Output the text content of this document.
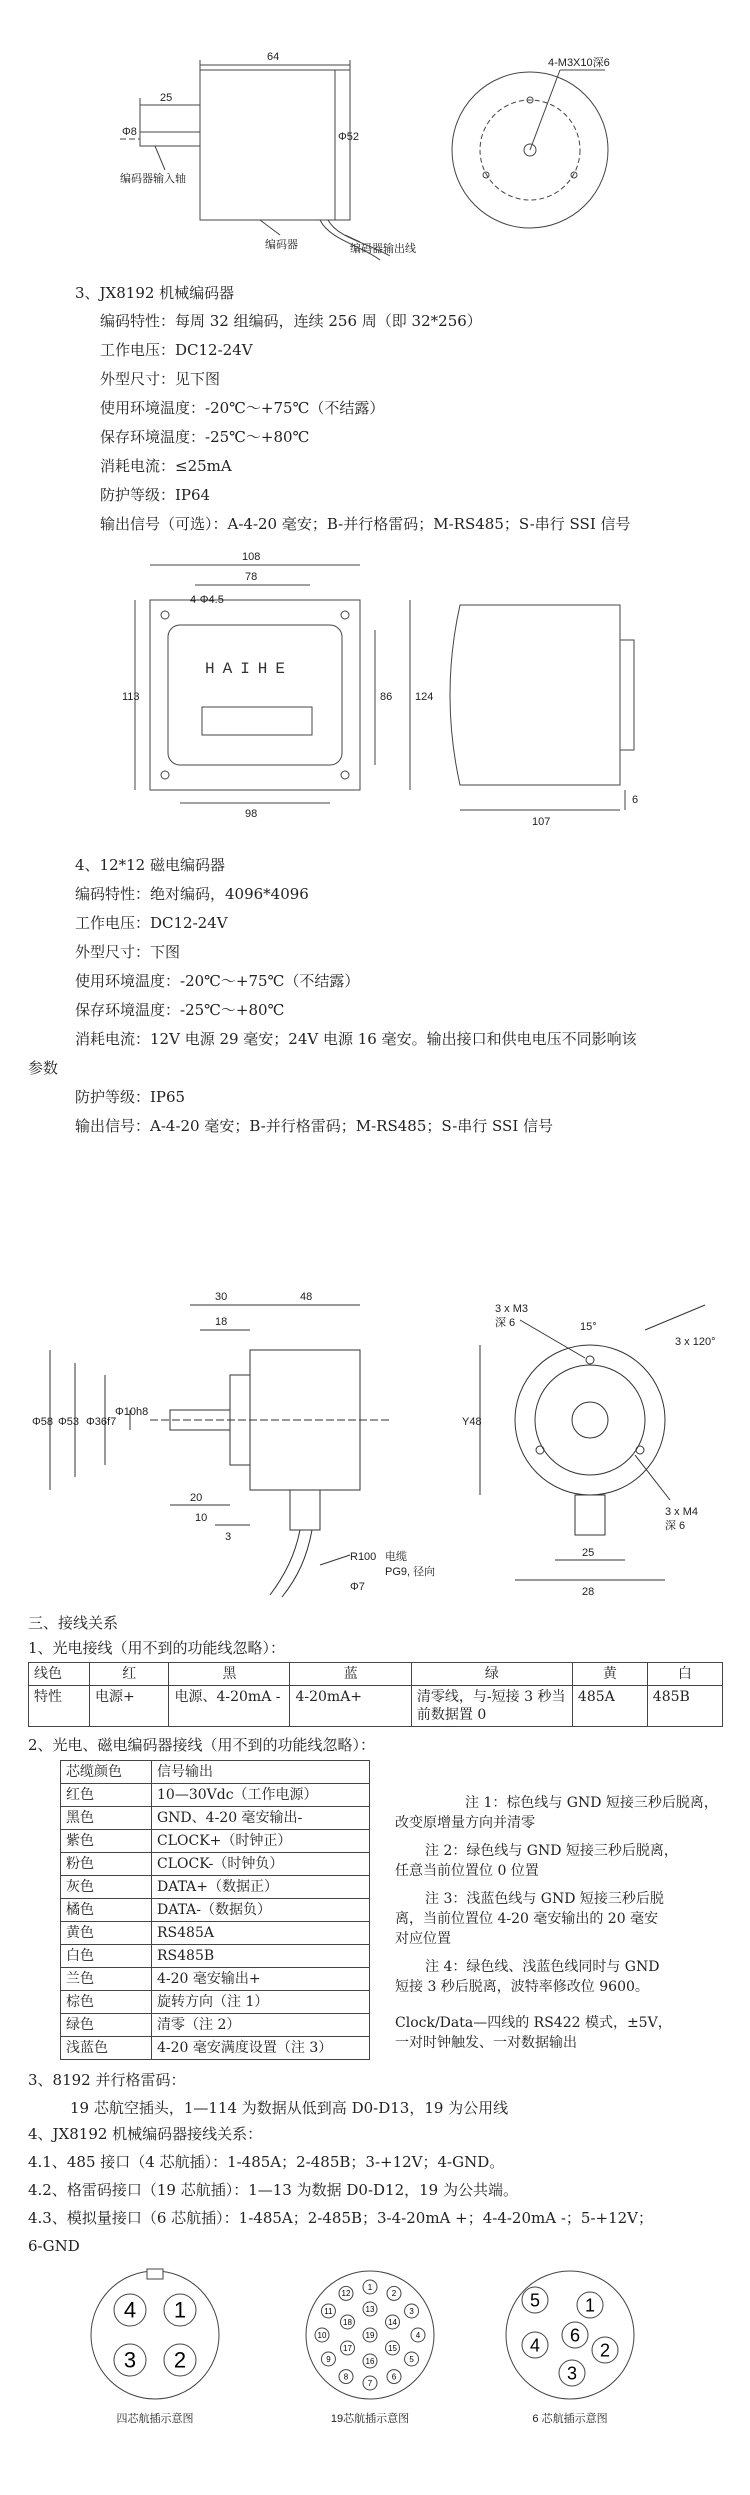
64
25
Φ8	Φ52
4-M3X10深6
编码器输入轴
编码器	编码器输出线
3、JX8192 机械编码器
编码特性：每周 32 组编码，连续 256 周（即 32*256）
工作电压：DC12-24V
外型尺寸：见下图
使用环境温度：-20℃～+75℃（不结露）
保存环境温度：-25℃～+80℃
消耗电流：≤25mA
防护等级：IP64
输出信号（可选）：A-4-20 毫安；B-并行格雷码；M-RS485；S-串行 SSI 信号
108
78
4-Φ4.5
113	86 124
98
107
6
HAIHE
4、12*12 磁电编码器
编码特性：绝对编码，4096*4096
工作电压：DC12-24V
外型尺寸：下图
使用环境温度：-20℃～+75℃（不结露）
保存环境温度：-25℃～+80℃
消耗电流：12V 电源 29 毫安；24V 电源 16 毫安。输出接口和供电电压不同影响该
参数
防护等级：IP65
输出信号：A-4-20 毫安；B-并行格雷码；M-RS485；S-串行 SSI 信号
30	48
18
Φ58 Φ53 Φ36f7
Φ10h8
20
10
3
R100
Φ7
电缆
PG9, 径向
3 x M3
深 6	15°
3 x 120°
Y48
3 x M4
深 6
25
28
三、接线关系
1、光电接线（用不到的功能线忽略）：
线色	红	黑	蓝	绿	黄	白
特性	电源+	电源、4-20mA -	4-20mA+	清零线，与-短接 3 秒当前数据置 0	485A	485B
2、光电、磁电编码器接线（用不到的功能线忽略）：
芯缆颜色	信号输出
红色	10—30Vdc（工作电源）
黑色	GND、4-20 毫安输出-
紫色	CLOCK+（时钟正）
粉色	CLOCK-（时钟负）
灰色	DATA+（数据正）
橘色	DATA-（数据负）
黄色	RS485A
白色	RS485B
兰色	4-20 毫安输出+
棕色	旋转方向（注 1）
绿色	清零（注 2）
浅蓝色	4-20 毫安满度设置（注 3）
注 1：棕色线与 GND 短接三秒后脱离，
改变原增量方向并清零
注 2：绿色线与 GND 短接三秒后脱离，
任意当前位置位 0 位置
注 3：浅蓝色线与 GND 短接三秒后脱
离，当前位置位 4-20 毫安输出的 20 毫安
对应位置
注 4：绿色线、浅蓝色线同时与 GND
短接 3 秒后脱离，波特率修改位 9600。
Clock/Data—四线的 RS422 模式，±5V，
一对时钟触发、一对数据输出
3、8192 并行格雷码：
19 芯航空插头，1—114 为数据从低到高 D0-D13，19 为公用线
4、JX8192 机械编码器接线关系：
4.1、485 接口（4 芯航插）：1-485A；2-485B；3-+12V；4-GND。
4.2、格雷码接口（19 芯航插）：1—13 为数据 D0-D12，19 为公共端。
4.3、模拟量接口（6 芯航插）：1-485A；2-485B；3-4-20mA +；4-4-20mA -；5-+12V；
6-GND
4 1
3 2
四芯航插示意图
1
2
3
4
5
6
7
8
9
10
11
12
13
14
15
16
17
18
19
19芯航插示意图
5 1
4 6
2
3
6 芯航插示意图
